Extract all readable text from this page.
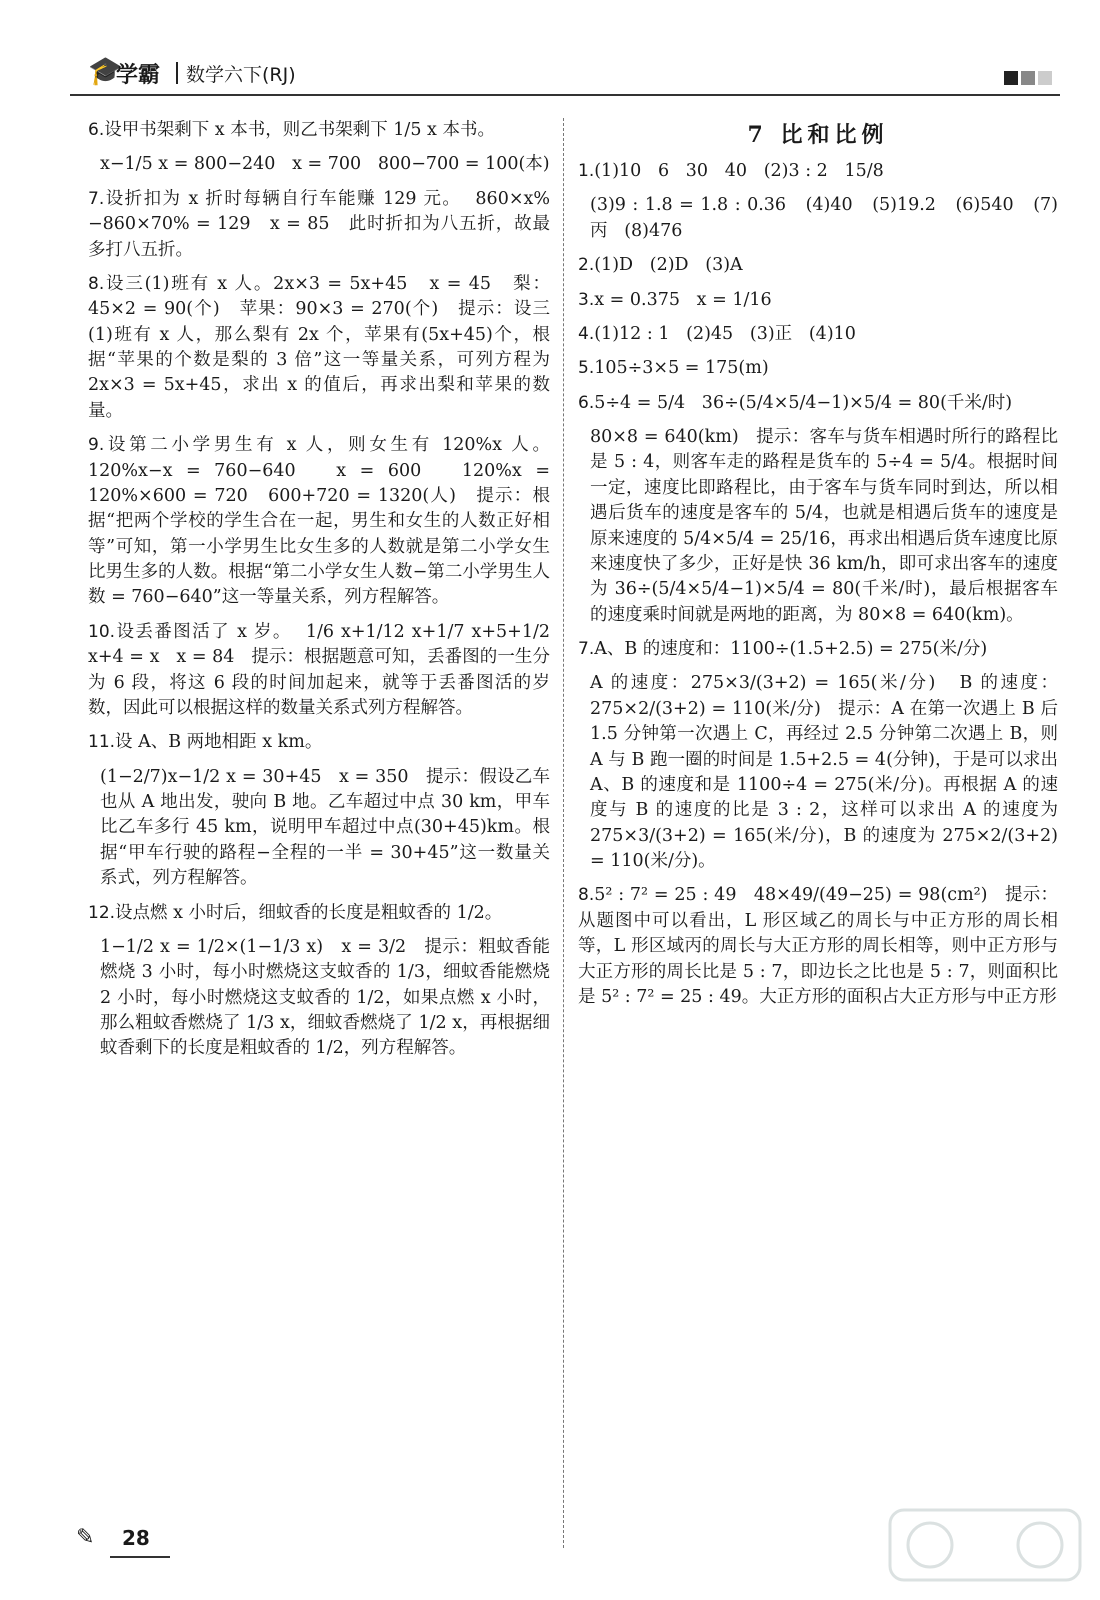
🎓
学霸 数学六下(RJ)

6.设甲书架剩下 x 本书，则乙书架剩下 1/5 x 本书。

x−1/5 x = 800−240   x = 700   800−700 = 100(本)

7.设折扣为 x 折时每辆自行车能赚 129 元。  860×x%−860×70% = 129   x = 85   此时折扣为八五折，故最多打八五折。

8.设三(1)班有 x 人。2x×3 = 5x+45   x = 45   梨：45×2 = 90(个)   苹果：90×3 = 270(个)   提示：设三(1)班有 x 人，那么梨有 2x 个，苹果有(5x+45)个，根据“苹果的个数是梨的 3 倍”这一等量关系，可列方程为 2x×3 = 5x+45，求出 x 的值后，再求出梨和苹果的数量。

9.设第二小学男生有 x 人，则女生有 120%x 人。120%x−x = 760−640   x = 600   120%x = 120%×600 = 720   600+720 = 1320(人)   提示：根据“把两个学校的学生合在一起，男生和女生的人数正好相等”可知，第一小学男生比女生多的人数就是第二小学女生比男生多的人数。根据“第二小学女生人数−第二小学男生人数 = 760−640”这一等量关系，列方程解答。

10.设丢番图活了 x 岁。  1/6 x+1/12 x+1/7 x+5+1/2 x+4 = x   x = 84   提示：根据题意可知，丢番图的一生分为 6 段，将这 6 段的时间加起来，就等于丢番图活的岁数，因此可以根据这样的数量关系式列方程解答。

11.设 A、B 两地相距 x km。

(1−2/7)x−1/2 x = 30+45   x = 350   提示：假设乙车也从 A 地出发，驶向 B 地。乙车超过中点 30 km，甲车比乙车多行 45 km，说明甲车超过中点(30+45)km。根据“甲车行驶的路程−全程的一半 = 30+45”这一数量关系式，列方程解答。

12.设点燃 x 小时后，细蚊香的长度是粗蚊香的 1/2。

1−1/2 x = 1/2×(1−1/3 x)   x = 3/2   提示：粗蚊香能燃烧 3 小时，每小时燃烧这支蚊香的 1/3，细蚊香能燃烧 2 小时，每小时燃烧这支蚊香的 1/2，如果点燃 x 小时，那么粗蚊香燃烧了 1/3 x，细蚊香燃烧了 1/2 x，再根据细蚊香剩下的长度是粗蚊香的 1/2，列方程解答。

7 比和比例

1.(1)10   6   30   40   (2)3 : 2   15/8

(3)9 : 1.8 = 1.8 : 0.36   (4)40   (5)19.2   (6)540   (7)丙   (8)476

2.(1)D   (2)D   (3)A

3.x = 0.375   x = 1/16

4.(1)12 : 1   (2)45   (3)正   (4)10

5.105÷3×5 = 175(m)

6.5÷4 = 5/4   36÷(5/4×5/4−1)×5/4 = 80(千米/时)

80×8 = 640(km)   提示：客车与货车相遇时所行的路程比是 5 : 4，则客车走的路程是货车的 5÷4 = 5/4。根据时间一定，速度比即路程比，由于客车与货车同时到达，所以相遇后货车的速度是客车的 5/4，也就是相遇后货车的速度是原来速度的 5/4×5/4 = 25/16，再求出相遇后货车速度比原来速度快了多少，正好是快 36 km/h，即可求出客车的速度为 36÷(5/4×5/4−1)×5/4 = 80(千米/时)，最后根据客车的速度乘时间就是两地的距离，为 80×8 = 640(km)。

7.A、B 的速度和：1100÷(1.5+2.5) = 275(米/分)

A 的速度：275×3/(3+2) = 165(米/分)   B 的速度：275×2/(3+2) = 110(米/分)   提示：A 在第一次遇上 B 后 1.5 分钟第一次遇上 C，再经过 2.5 分钟第二次遇上 B，则 A 与 B 跑一圈的时间是 1.5+2.5 = 4(分钟)，于是可以求出 A、B 的速度和是 1100÷4 = 275(米/分)。再根据 A 的速度与 B 的速度的比是 3 : 2，这样可以求出 A 的速度为 275×3/(3+2) = 165(米/分)，B 的速度为 275×2/(3+2) = 110(米/分)。

8.5² : 7² = 25 : 49   48×49/(49−25) = 98(cm²)   提示：从题图中可以看出，L 形区域乙的周长与中正方形的周长相等，L 形区域丙的周长与大正方形的周长相等，则中正方形与大正方形的周长比是 5 : 7，即边长之比也是 5 : 7，则面积比是 5² : 7² = 25 : 49。大正方形的面积占大正方形与中正方形

✎ 28
